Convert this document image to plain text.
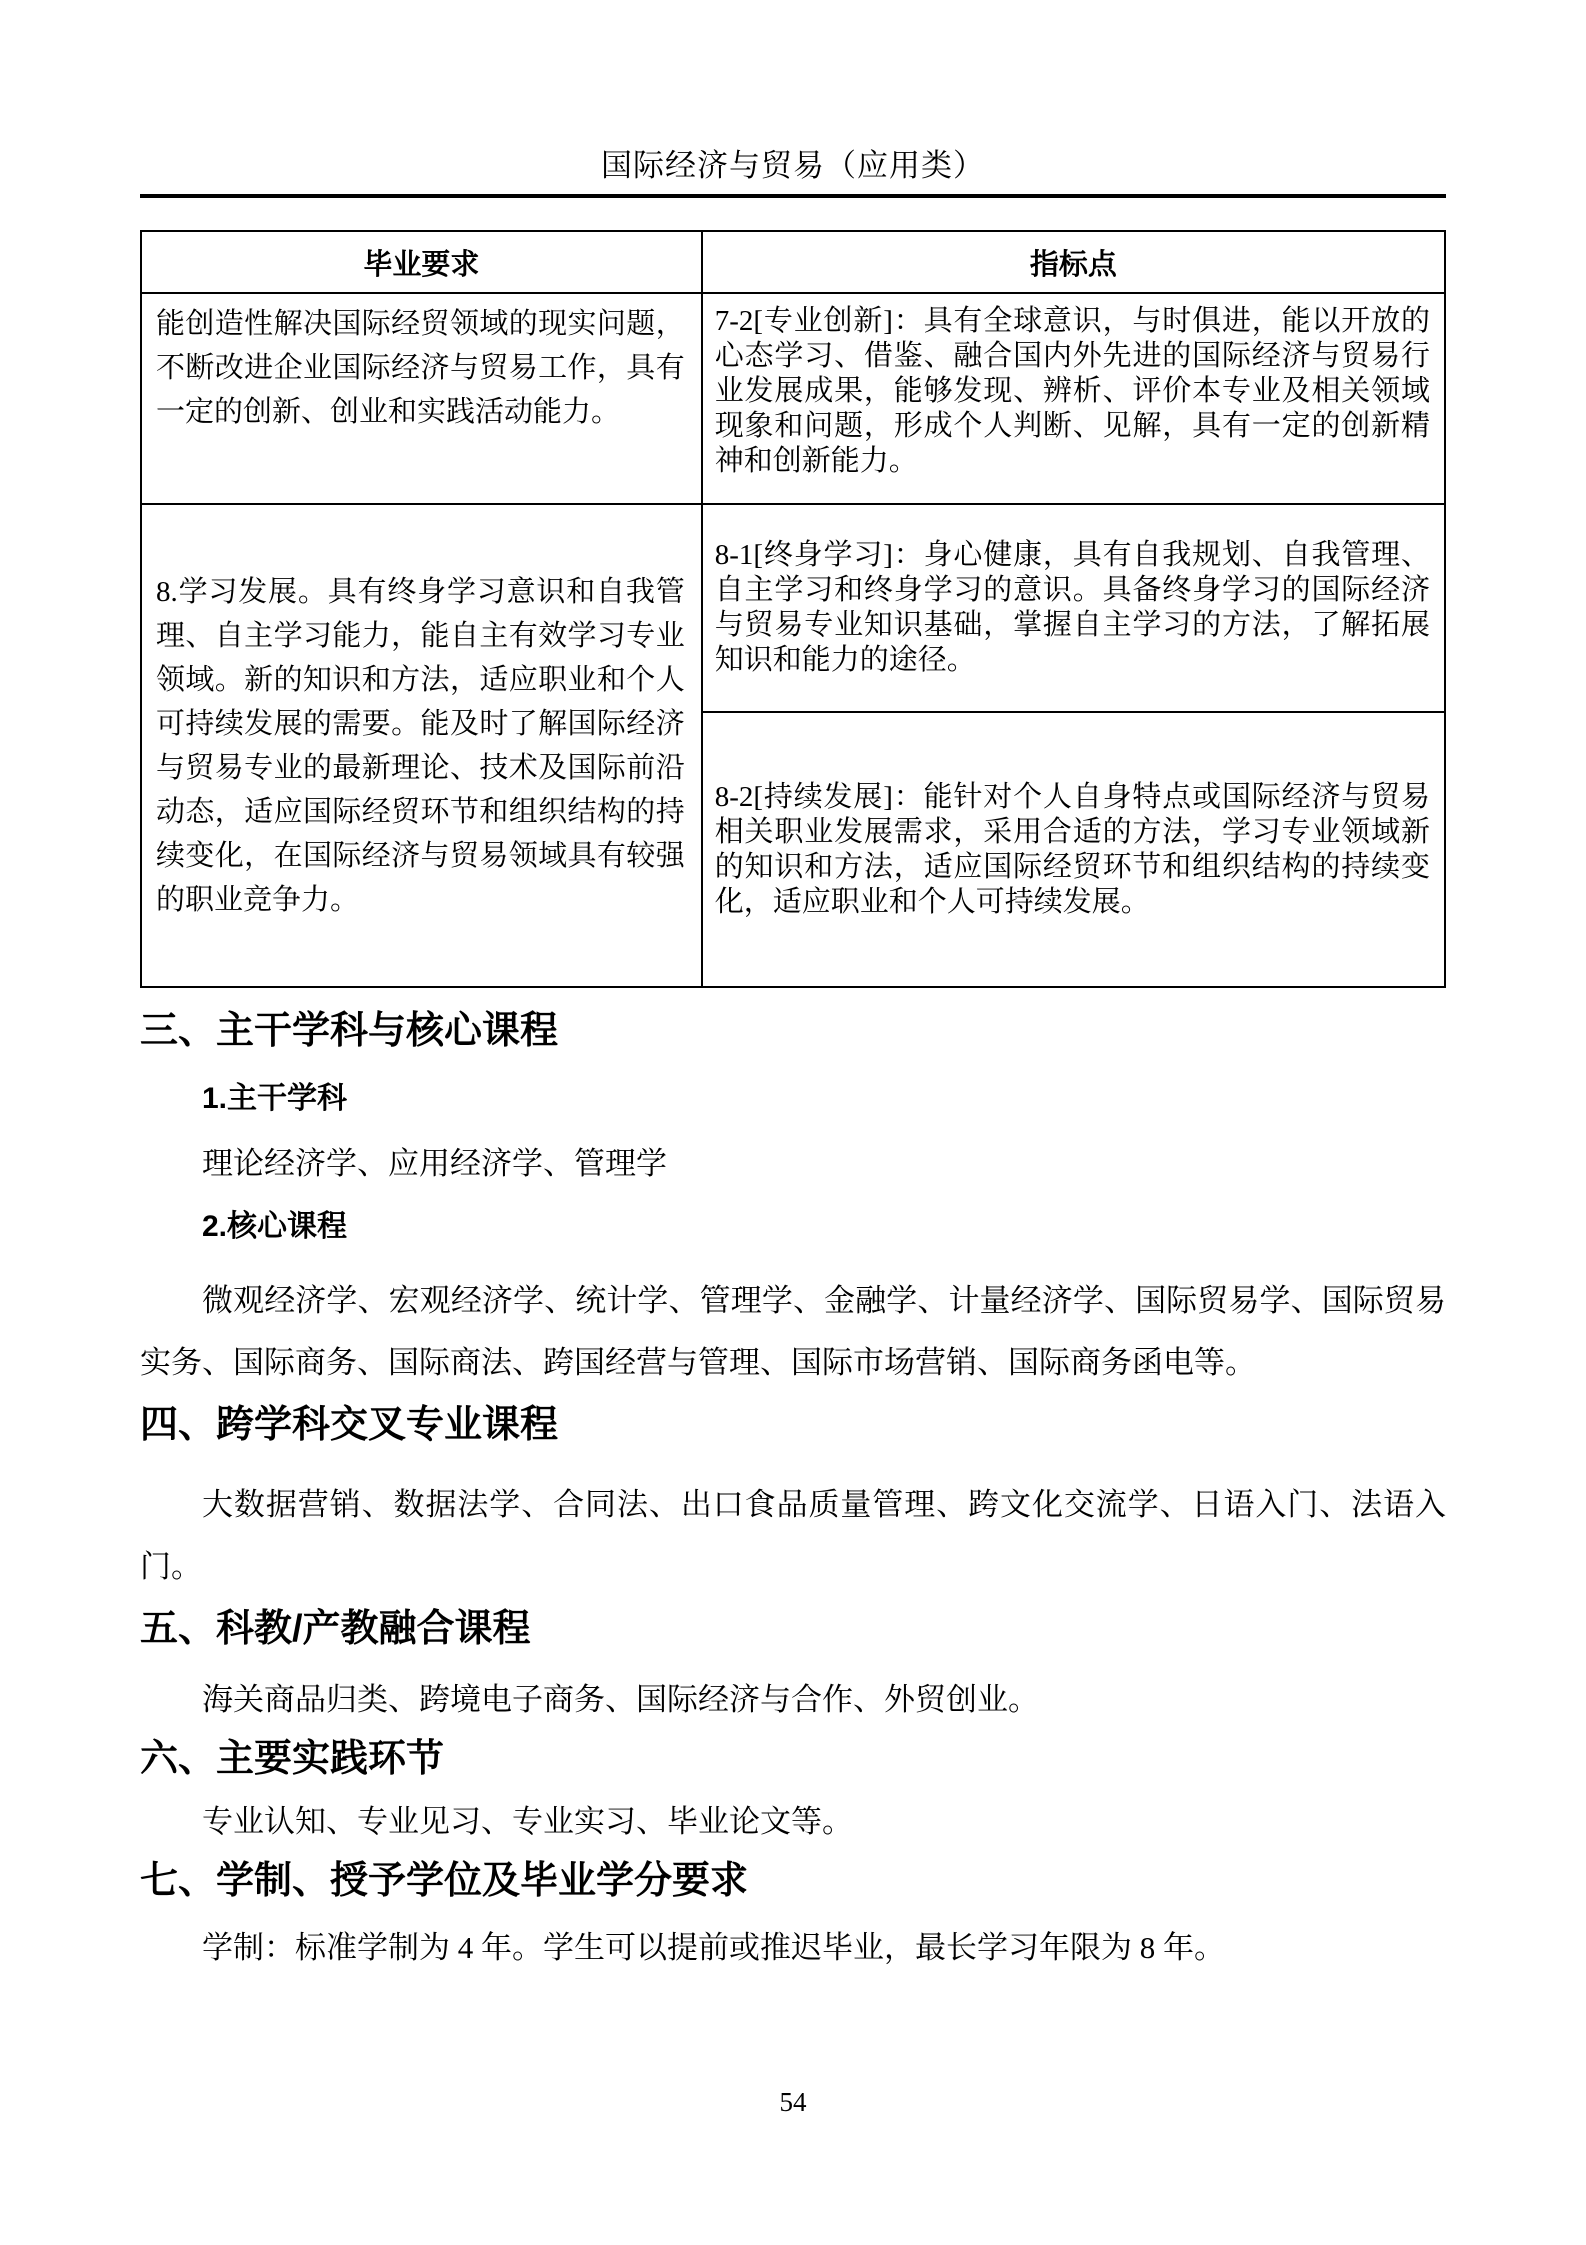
国际经济与贸易（应用类）

毕业要求	指标点
能创造性解决国际经贸领域的现实问题，不断改进企业国际经济与贸易工作，具有一定的创新、创业和实践活动能力。	7-2[专业创新]：具有全球意识，与时俱进，能以开放的心态学习、借鉴、融合国内外先进的国际经济与贸易行业发展成果，能够发现、辨析、评价本专业及相关领域现象和问题，形成个人判断、见解，具有一定的创新精神和创新能力。
8.学习发展。具有终身学习意识和自我管理、自主学习能力，能自主有效学习专业领域。新的知识和方法，适应职业和个人可持续发展的需要。能及时了解国际经济与贸易专业的最新理论、技术及国际前沿动态，适应国际经贸环节和组织结构的持续变化，在国际经济与贸易领域具有较强的职业竞争力。	8-1[终身学习]：身心健康，具有自我规划、自我管理、自主学习和终身学习的意识。具备终身学习的国际经济与贸易专业知识基础，掌握自主学习的方法，了解拓展知识和能力的途径。
	8-2[持续发展]：能针对个人自身特点或国际经济与贸易相关职业发展需求，采用合适的方法，学习专业领域新的知识和方法，适应国际经贸环节和组织结构的持续变化，适应职业和个人可持续发展。
三、主干学科与核心课程

1.主干学科

理论经济学、应用经济学、管理学

2.核心课程

微观经济学、宏观经济学、统计学、管理学、金融学、计量经济学、国际贸易学、国际贸易实务、国际商务、国际商法、跨国经营与管理、国际市场营销、国际商务函电等。

四、跨学科交叉专业课程

大数据营销、数据法学、合同法、出口食品质量管理、跨文化交流学、日语入门、法语入门。

五、科教/产教融合课程

海关商品归类、跨境电子商务、国际经济与合作、外贸创业。

六、主要实践环节

专业认知、专业见习、专业实习、毕业论文等。

七、学制、授予学位及毕业学分要求

学制：标准学制为 4 年。学生可以提前或推迟毕业，最长学习年限为 8 年。

54
